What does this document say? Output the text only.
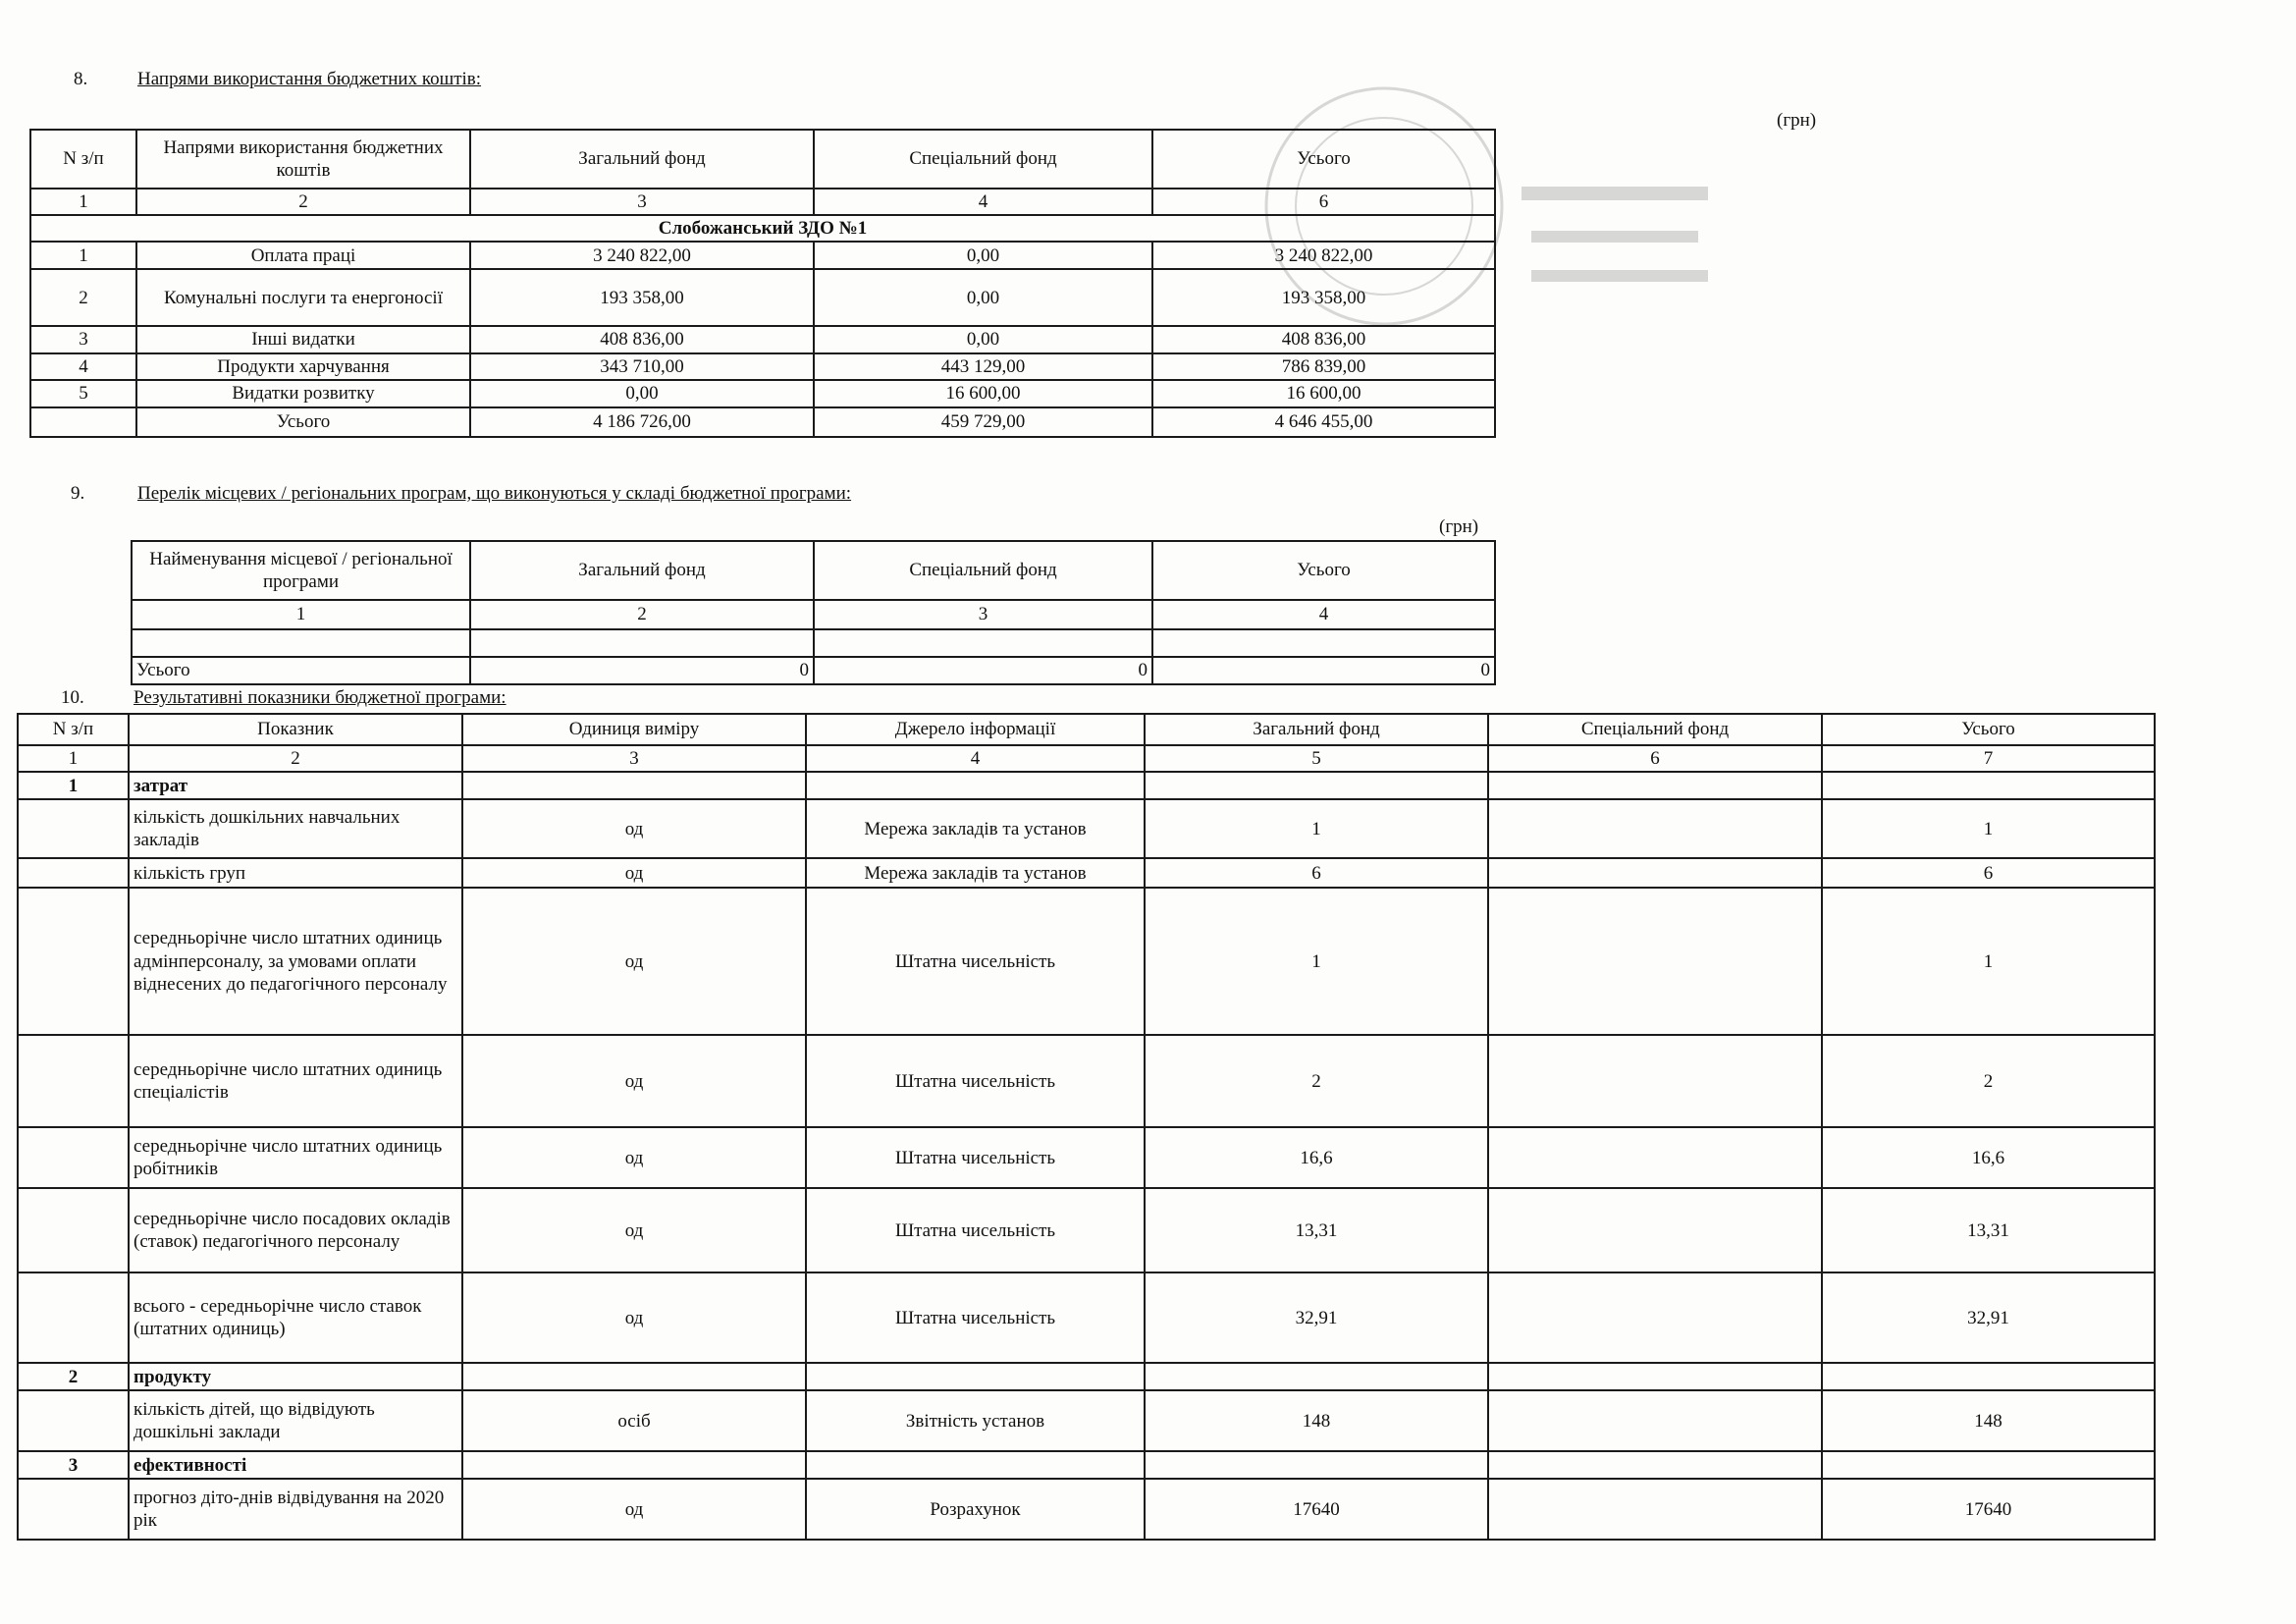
8.	Напрями використання бюджетних коштів:
(грн)
N з/п	Напрями використання бюджетних коштів	Загальний фонд	Спеціальний фонд	Усього
1	2	3	4	6
Слобожанський ЗДО №1				
1	Оплата праці	3 240 822,00	0,00	3 240 822,00
2	Комунальні послуги та енергоносії	193 358,00	0,00	193 358,00
3	Інші видатки	408 836,00	0,00	408 836,00
4	Продукти харчування	343 710,00	443 129,00	786 839,00
5	Видатки розвитку	0,00	16 600,00	16 600,00
	Усього	4 186 726,00	459 729,00	4 646 455,00
9.	Перелік місцевих / регіональних програм, що виконуються у складі бюджетної програми:
(грн)
Найменування місцевої / регіональної програми	Загальний фонд	Спеціальний фонд	Усього
1	2	3	4

Усього	0	0	0
10.	Результативні показники бюджетної програми:
N з/п	Показник	Одиниця виміру	Джерело інформації	Загальний фонд	Спеціальний фонд	Усього
1	2	3	4	5	6	7
1	затрат					
	кількість дошкільних навчальних закладів	од	Мережа закладів та установ	1		1
	кількість груп	од	Мережа закладів та установ	6		6
	середньорічне число штатних одиниць адмінперсоналу, за умовами оплати віднесених до педагогічного персоналу	од	Штатна чисельність	1		1
	середньорічне число штатних одиниць спеціалістів	од	Штатна чисельність	2		2
	середньорічне число штатних одиниць робітників	од	Штатна чисельність	16,6		16,6
	середньорічне число посадових окладів (ставок) педагогічного персоналу	од	Штатна чисельність	13,31		13,31
	всього - середньорічне число ставок (штатних одиниць)	од	Штатна чисельність	32,91		32,91
2	продукту					
	кількість дітей, що відвідують дошкільні заклади	осіб	Звітність установ	148		148
3	ефективності					
	прогноз діто-днів відвідування на 2020 рік	од	Розрахунок	17640		17640
